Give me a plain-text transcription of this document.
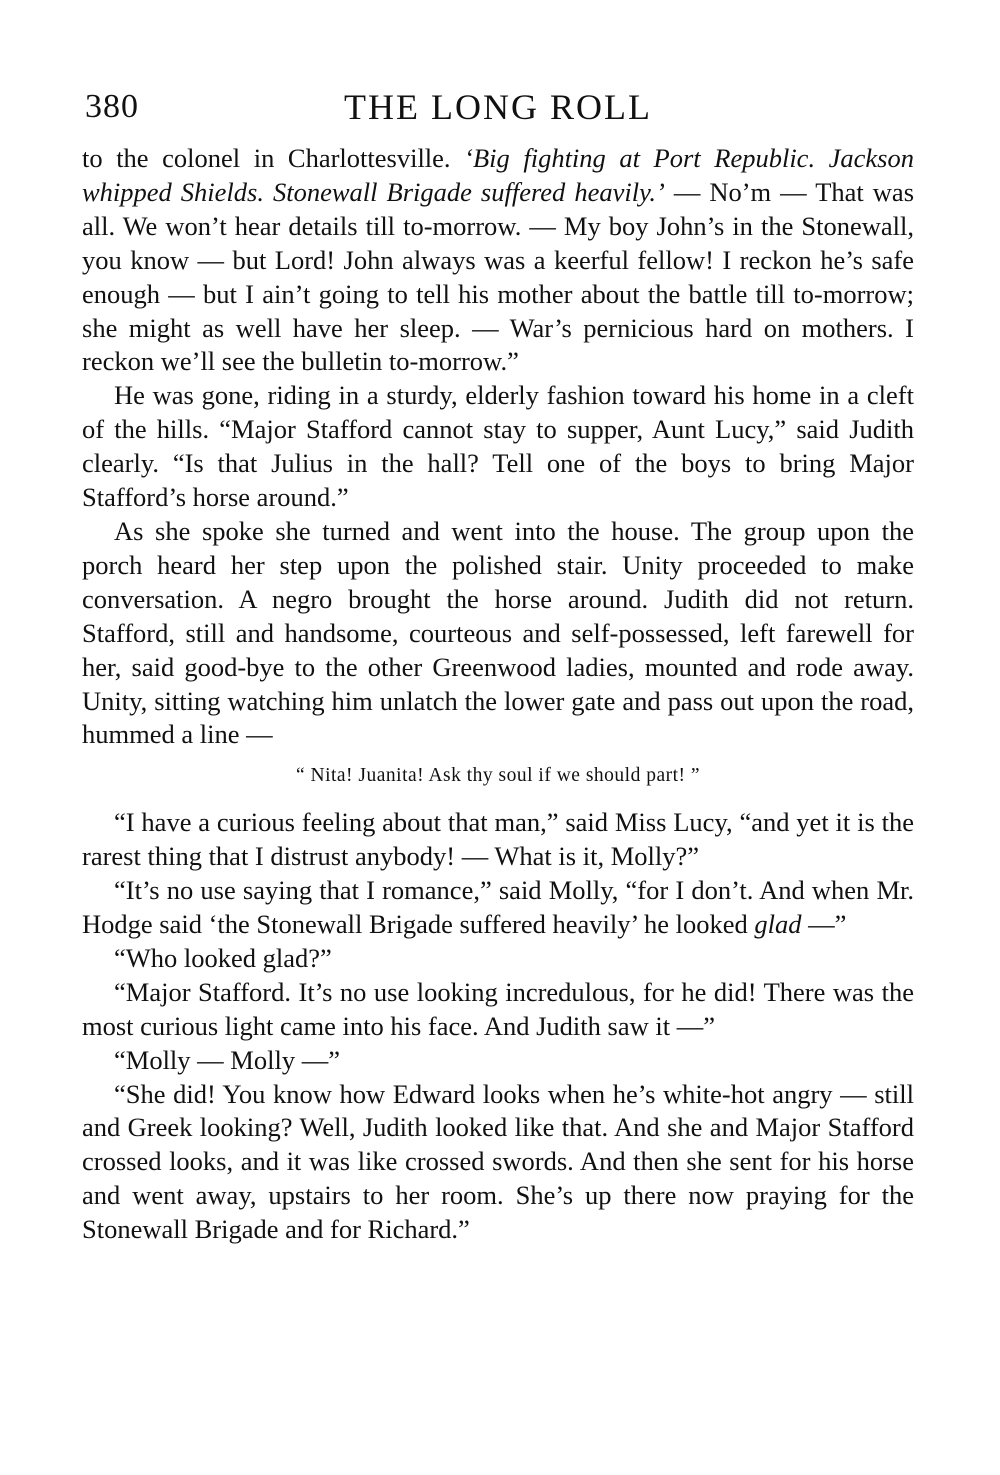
380	THE LONG ROLL

to the colonel in Charlottesville. ‘Big fighting at Port Republic. Jackson whipped Shields. Stonewall Brigade suffered heavily.’ — No’m — That was all. We won’t hear details till to-morrow. — My boy John’s in the Stonewall, you know — but Lord! John always was a keerful fellow! I reckon he’s safe enough — but I ain’t going to tell his mother about the battle till to-morrow; she might as well have her sleep. — War’s pernicious hard on mothers. I reckon we’ll see the bulletin to-morrow.”

He was gone, riding in a sturdy, elderly fashion toward his home in a cleft of the hills. “Major Stafford cannot stay to supper, Aunt Lucy,” said Judith clearly. “Is that Julius in the hall? Tell one of the boys to bring Major Stafford’s horse around.”

As she spoke she turned and went into the house. The group upon the porch heard her step upon the polished stair. Unity proceeded to make conversation. A negro brought the horse around. Judith did not return. Stafford, still and handsome, courteous and self-possessed, left farewell for her, said good-bye to the other Greenwood ladies, mounted and rode away. Unity, sitting watching him unlatch the lower gate and pass out upon the road, hummed a line —

“ Nita! Juanita! Ask thy soul if we should part! ”

“I have a curious feeling about that man,” said Miss Lucy, “and yet it is the rarest thing that I distrust anybody! — What is it, Molly?”

“It’s no use saying that I romance,” said Molly, “for I don’t. And when Mr. Hodge said ‘the Stonewall Brigade suffered heavily’ he looked glad —”

“Who looked glad?”

“Major Stafford. It’s no use looking incredulous, for he did! There was the most curious light came into his face. And Judith saw it —”

“Molly — Molly —”

“She did! You know how Edward looks when he’s white-hot angry — still and Greek looking? Well, Judith looked like that. And she and Major Stafford crossed looks, and it was like crossed swords. And then she sent for his horse and went away, upstairs to her room. She’s up there now praying for the Stonewall Brigade and for Richard.”
